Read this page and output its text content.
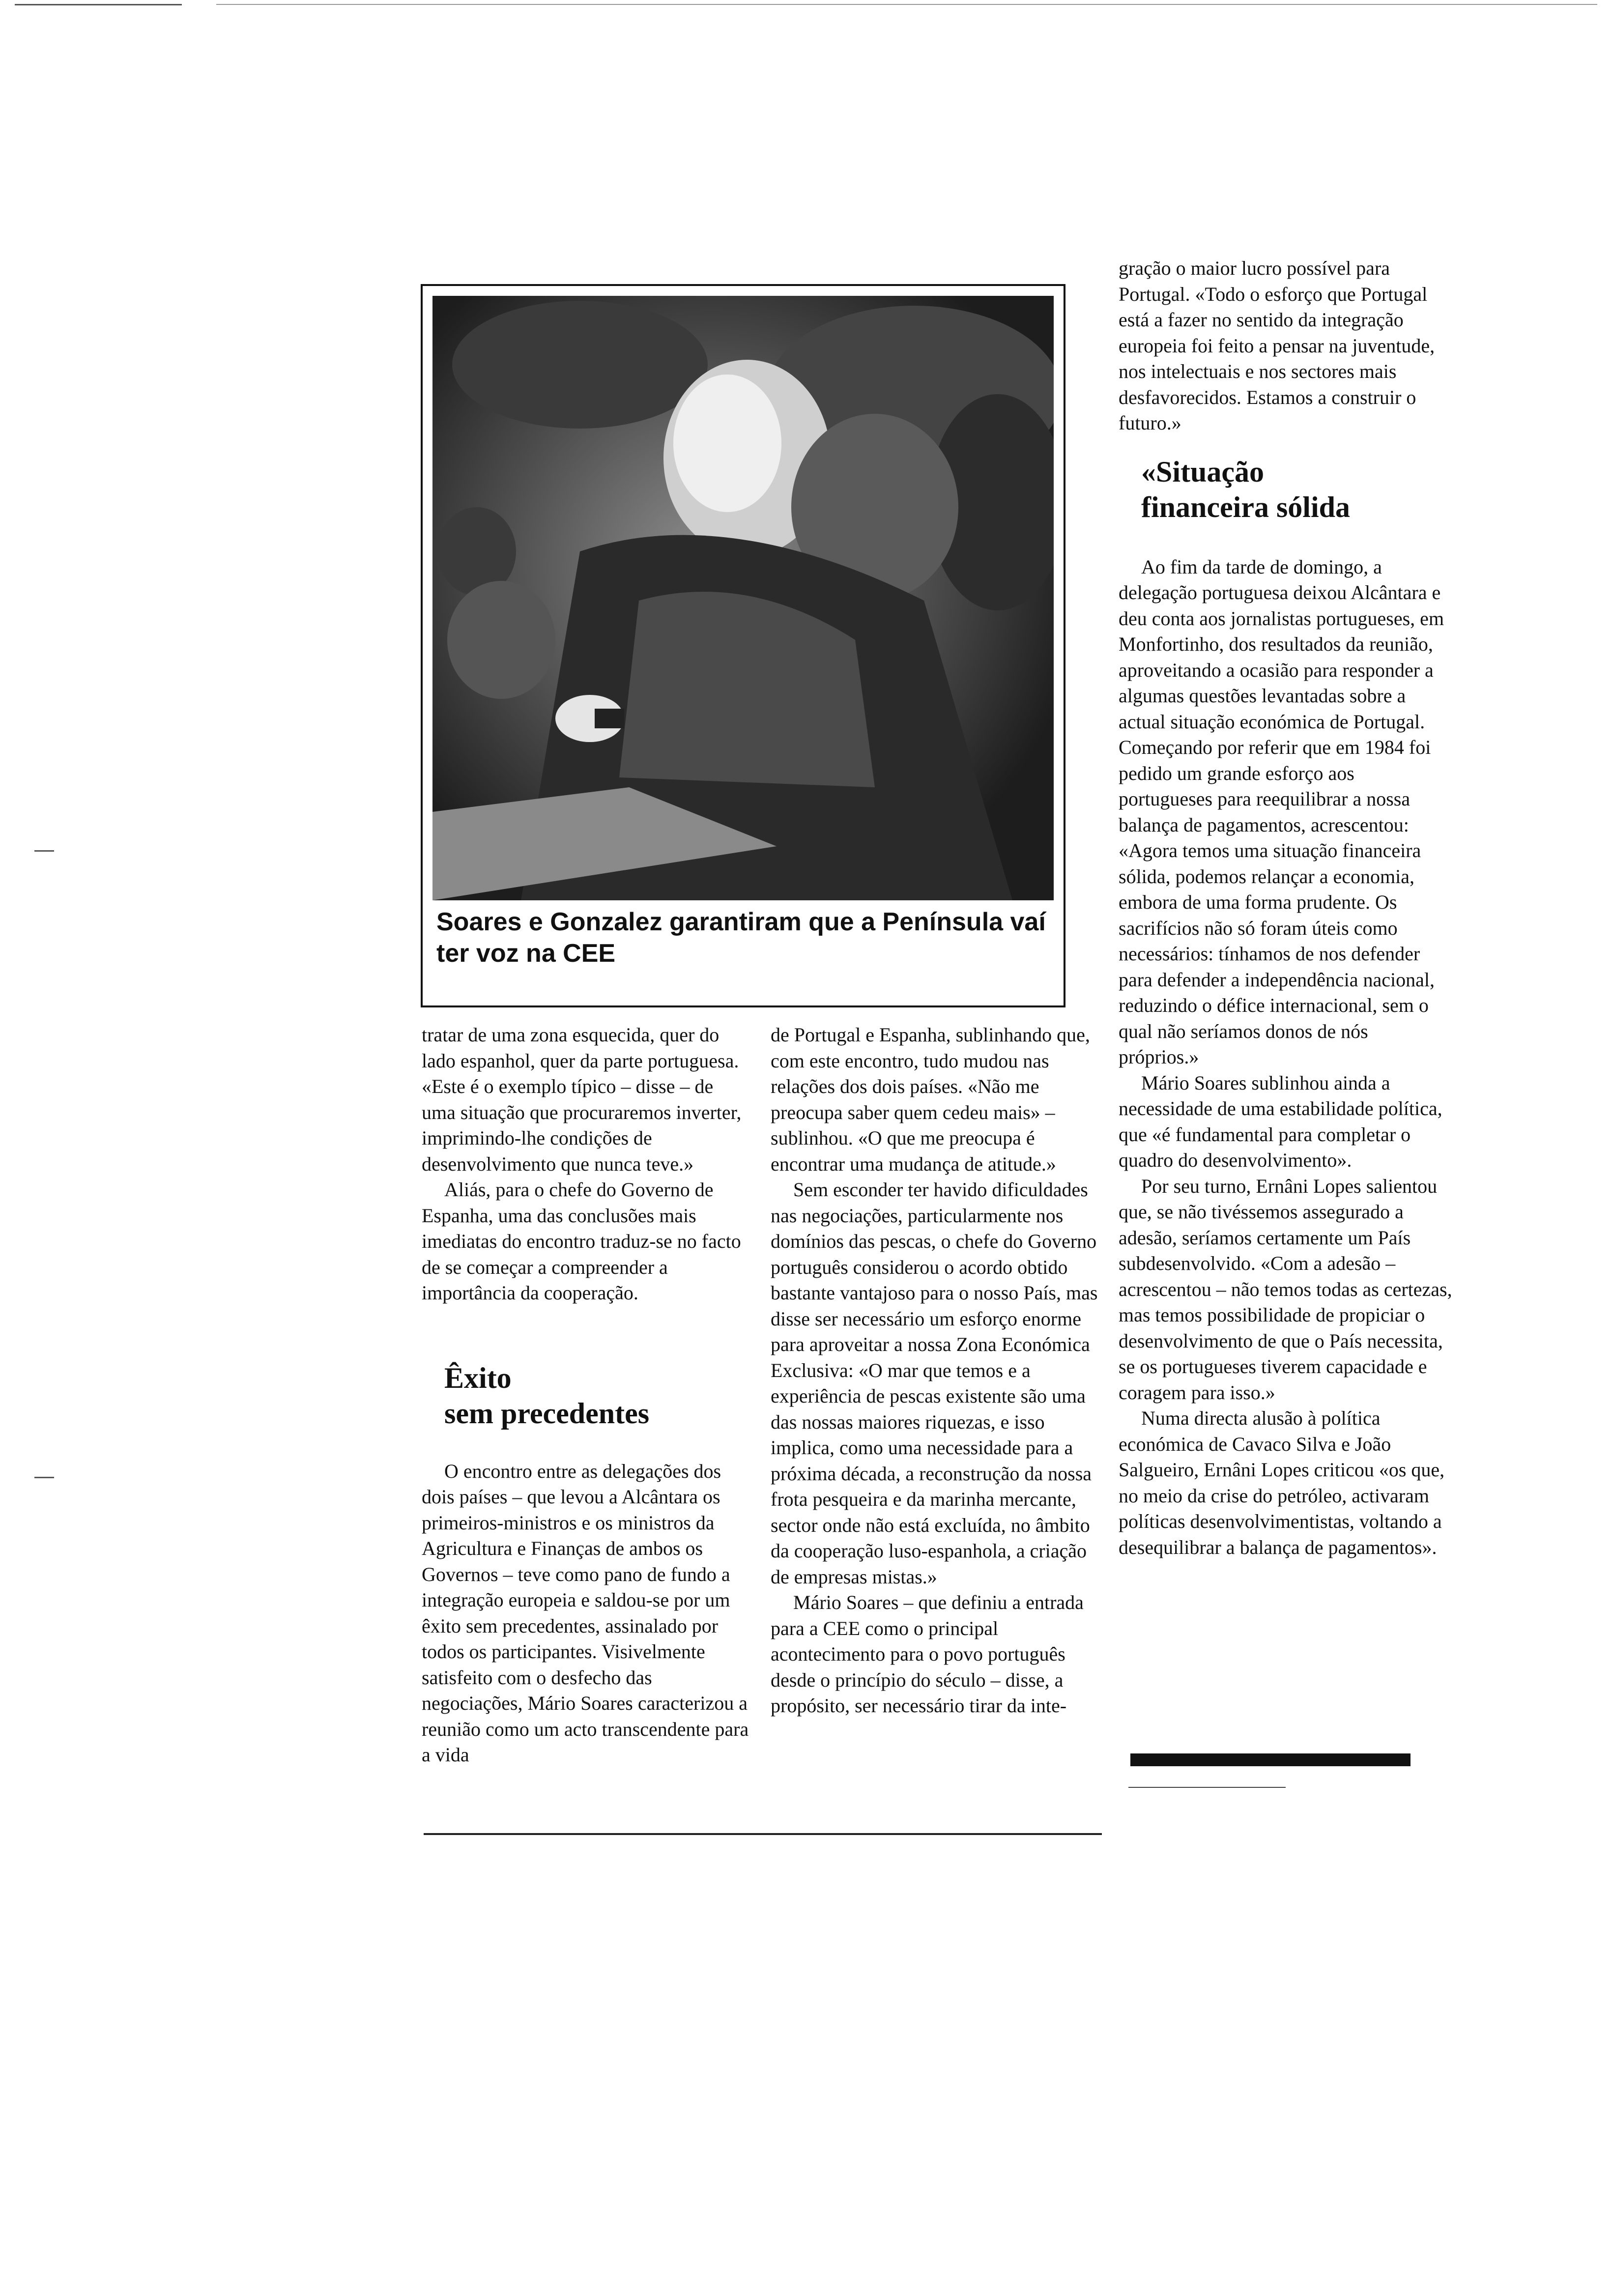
Soares e Gonzalez garantiram que a Península vaí ter voz na CEE

tratar de uma zona esquecida, quer do lado espanhol, quer da parte portuguesa. «Este é o exemplo típico – disse – de uma situação que procuraremos inverter, imprimindo-lhe condições de desenvolvimento que nunca teve.»

Aliás, para o chefe do Governo de Espanha, uma das conclusões mais imediatas do encontro traduz-se no facto de se começar a compreender a importância da cooperação.

Êxito

sem precedentes

O encontro entre as delegações dos dois países – que levou a Alcântara os primeiros-ministros e os ministros da Agricultura e Finanças de ambos os Governos – teve como pano de fundo a integração europeia e saldou-se por um êxito sem precedentes, assinalado por todos os participantes. Visivelmente satisfeito com o desfecho das negociações, Mário Soares caracterizou a reunião como um acto transcendente para a vida

de Portugal e Espanha, sublinhando que, com este encontro, tudo mudou nas relações dos dois países. «Não me preocupa saber quem cedeu mais» – sublinhou. «O que me preocupa é encontrar uma mudança de atitude.»

Sem esconder ter havido dificuldades nas negociações, particularmente nos domínios das pescas, o chefe do Governo português considerou o acordo obtido bastante vantajoso para o nosso País, mas disse ser necessário um esforço enorme para aproveitar a nossa Zona Económica Exclusiva: «O mar que temos e a experiência de pescas existente são uma das nossas maiores riquezas, e isso implica, como uma necessidade para a próxima década, a reconstrução da nossa frota pesqueira e da marinha mercante, sector onde não está excluída, no âmbito da cooperação luso-espanhola, a criação de empresas mistas.»

Mário Soares – que definiu a entrada para a CEE como o principal acontecimento para o povo português desde o princípio do século – disse, a propósito, ser necessário tirar da inte-

gração o maior lucro possível para Portugal. «Todo o esforço que Portugal está a fazer no sentido da integração europeia foi feito a pensar na juventude, nos intelectuais e nos sectores mais desfavorecidos. Estamos a construir o futuro.»

«Situação

financeira sólida

Ao fim da tarde de domingo, a delegação portuguesa deixou Alcântara e deu conta aos jornalistas portugueses, em Monfortinho, dos resultados da reunião, aproveitando a ocasião para responder a algumas questões levantadas sobre a actual situação económica de Portugal. Começando por referir que em 1984 foi pedido um grande esforço aos portugueses para reequilibrar a nossa balança de pagamentos, acrescentou: «Agora temos uma situação financeira sólida, podemos relançar a economia, embora de uma forma prudente. Os sacrifícios não só foram úteis como necessários: tínhamos de nos defender para defender a independência nacional, reduzindo o défice internacional, sem o qual não seríamos donos de nós próprios.»

Mário Soares sublinhou ainda a necessidade de uma estabilidade política, que «é fundamental para completar o quadro do desenvolvimento».

Por seu turno, Ernâni Lopes salientou que, se não tivéssemos assegurado a adesão, seríamos certamente um País subdesenvolvido. «Com a adesão – acrescentou – não temos todas as certezas, mas temos possibilidade de propiciar o desenvolvimento de que o País necessita, se os portugueses tiverem capacidade e coragem para isso.»

Numa directa alusão à política económica de Cavaco Silva e João Salgueiro, Ernâni Lopes criticou «os que, no meio da crise do petróleo, activaram políticas desenvolvimentistas, voltando a desequilibrar a balança de pagamentos».
